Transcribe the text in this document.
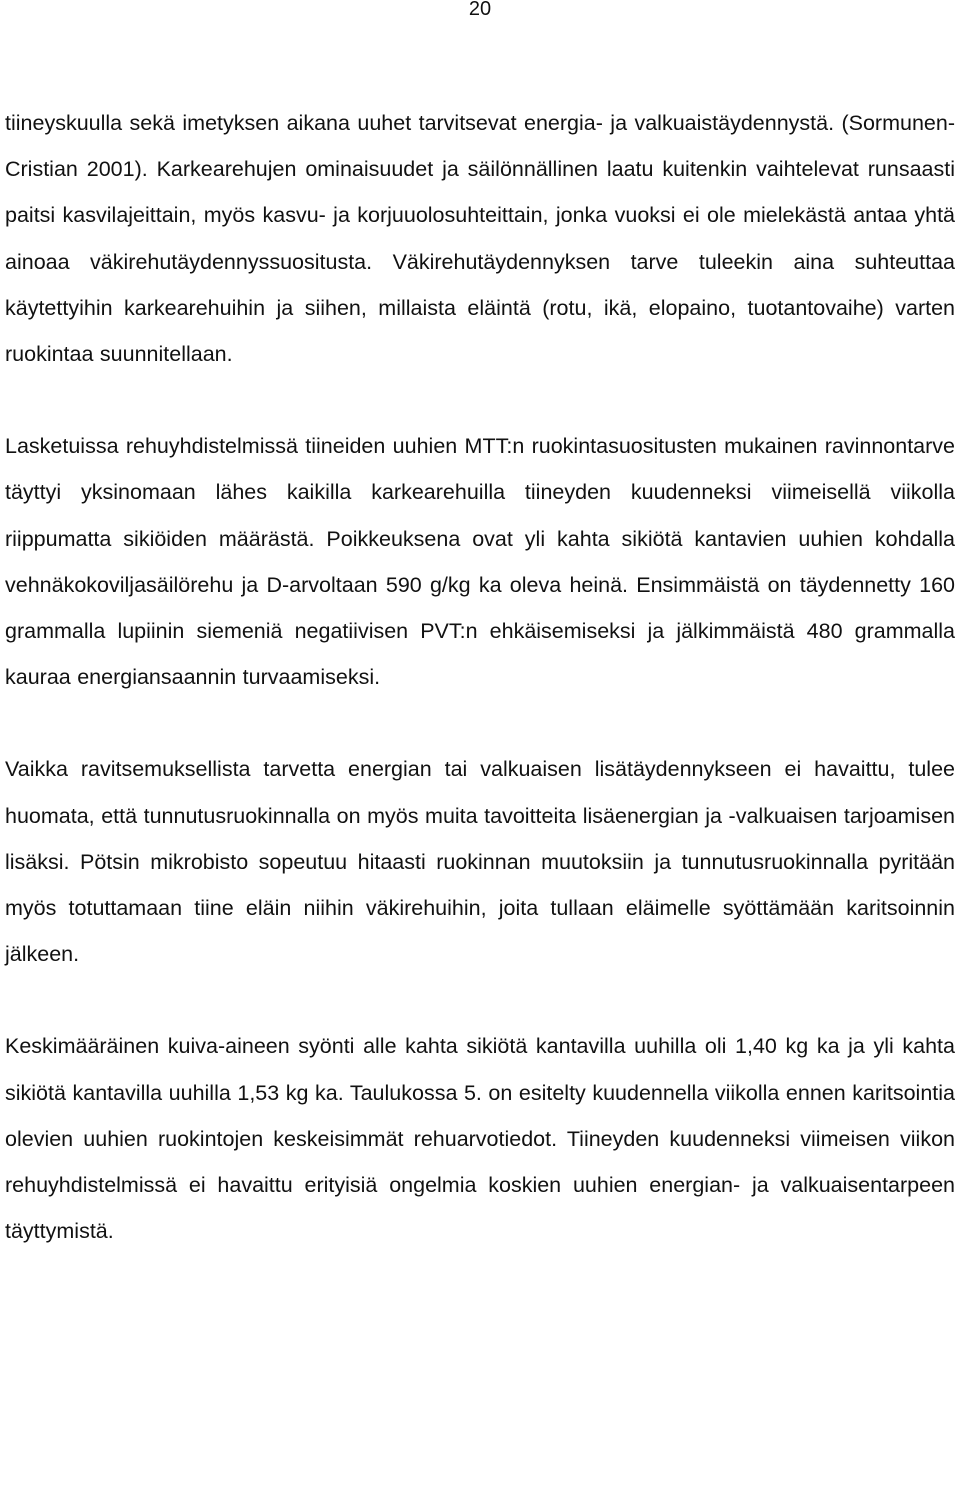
20

tiineyskuulla sekä imetyksen aikana uuhet tarvitsevat energia- ja valkuaistäydennystä. (Sormunen-Cristian 2001). Karkearehujen ominaisuudet ja säilönnällinen laatu kuitenkin vaihtelevat runsaasti paitsi kasvilajeittain, myös kasvu- ja korjuuolosuhteittain, jonka vuoksi ei ole mielekästä antaa yhtä ainoaa väkirehutäydennyssuositusta. Väkirehutäydennyksen tarve tuleekin aina suhteuttaa käytettyihin karkearehuihin ja siihen, millaista eläintä (rotu, ikä, elopaino, tuotantovaihe) varten ruokintaa suunnitellaan.

Lasketuissa rehuyhdistelmissä tiineiden uuhien MTT:n ruokintasuositusten mukainen ravinnontarve täyttyi yksinomaan lähes kaikilla karkearehuilla tiineyden kuudenneksi viimeisellä viikolla riippumatta sikiöiden määrästä. Poikkeuksena ovat yli kahta sikiötä kantavien uuhien kohdalla vehnäkokoviljasäilörehu ja D-arvoltaan 590 g/kg ka oleva heinä. Ensimmäistä on täydennetty 160 grammalla lupiinin siemeniä negatiivisen PVT:n ehkäisemiseksi ja jälkimmäistä 480 grammalla kauraa energiansaannin turvaamiseksi.

Vaikka ravitsemuksellista tarvetta energian tai valkuaisen lisätäydennykseen ei havaittu, tulee huomata, että tunnutusruokinnalla on myös muita tavoitteita lisäenergian ja -valkuaisen tarjoamisen lisäksi. Pötsin mikrobisto sopeutuu hitaasti ruokinnan muutoksiin ja tunnutusruokinnalla pyritään myös totuttamaan tiine eläin niihin väkirehuihin, joita tullaan eläimelle syöttämään karitsoinnin jälkeen.

Keskimääräinen kuiva-aineen syönti alle kahta sikiötä kantavilla uuhilla oli 1,40 kg ka ja yli kahta sikiötä kantavilla uuhilla 1,53 kg ka. Taulukossa 5. on esitelty kuudennella viikolla ennen karitsointia olevien uuhien ruokintojen keskeisimmät rehuarvotiedot. Tiineyden kuudenneksi viimeisen viikon rehuyhdistelmissä ei havaittu erityisiä ongelmia koskien uuhien energian- ja valkuaisentarpeen täyttymistä.
